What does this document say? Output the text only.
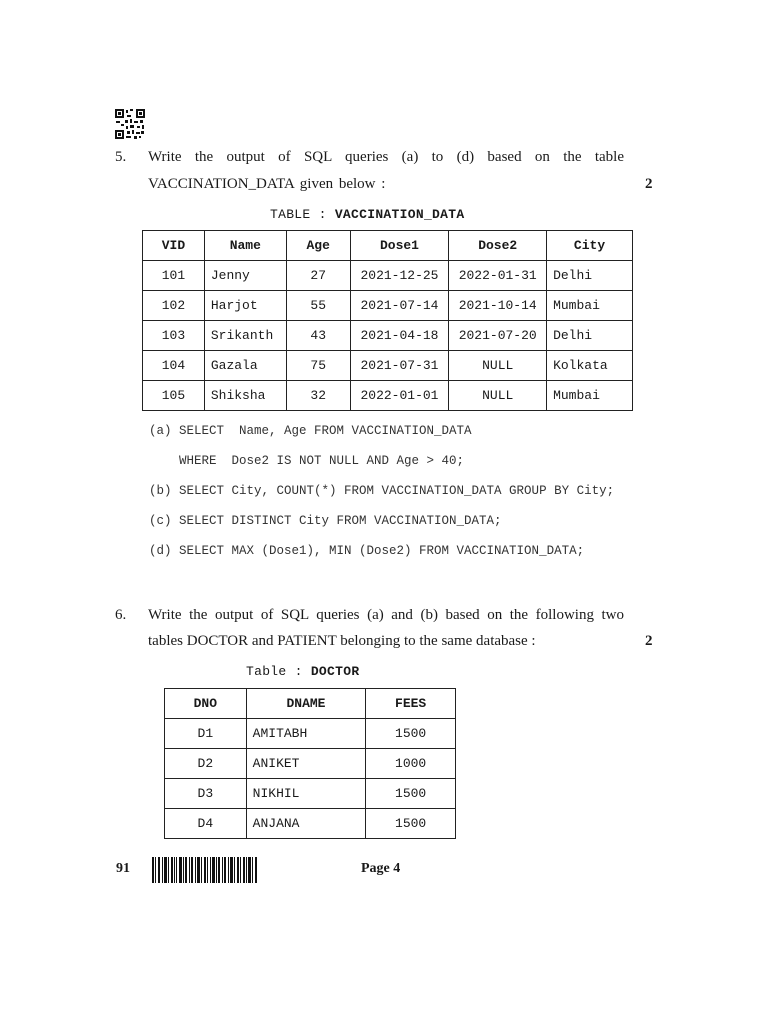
5. Write the output of SQL queries (a) to (d) based on the table
VACCINATION_DATA given below :	2
TABLE : VACCINATION_DATA
VID	Name	Age	Dose1	Dose2	City
101	Jenny	27	2021-12-25	2022-01-31	Delhi
102	Harjot	55	2021-07-14	2021-10-14	Mumbai
103	Srikanth	43	2021-04-18	2021-07-20	Delhi
104	Gazala	75	2021-07-31	NULL	Kolkata
105	Shiksha	32	2022-01-01	NULL	Mumbai
(a) SELECT  Name, Age FROM VACCINATION_DATA
WHERE  Dose2 IS NOT NULL AND Age > 40;
(b) SELECT City, COUNT(*) FROM VACCINATION_DATA GROUP BY City;
(c) SELECT DISTINCT City FROM VACCINATION_DATA;
(d) SELECT MAX (Dose1), MIN (Dose2) FROM VACCINATION_DATA;
6. Write the output of SQL queries (a) and (b) based on the following two
tables DOCTOR and PATIENT belonging to the same database :	2
Table : DOCTOR
DNO	DNAME	FEES
D1	AMITABH	1500
D2	ANIKET	1000
D3	NIKHIL	1500
D4	ANJANA	1500
91	Page 4
